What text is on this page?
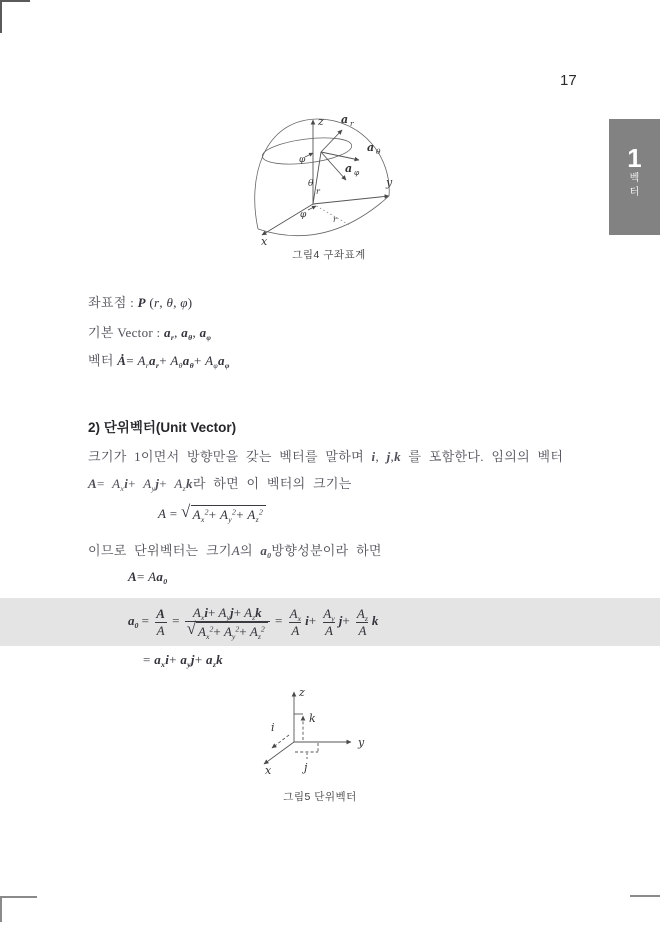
17
1
벡
터
z
y
x
a r
a θ
a φ
θ
r
φ
φ	r
그림4 구좌표계
좌표점 : P (r, θ, φ)
기본 Vector : $a_r$, $a_\theta$, $a_\varphi$
벡터 Ȧ= $A_ra_r+ A_\theta a_\theta+ A_\varphi a_\varphi$
2) 단위벡터(Unit Vector)
크기가 1이면서 방향만을 갖는 벡터를 말하며 i, j,k 를 포함한다. 임의의 벡터
$A= A_xi+ A_yj+ A_zk$라 하면 이 벡터의 크기는
A = √ $A_x^2+ A_y^2+ A_z^2$
이므로 단위벡터는 크기A의 $a_0$방향성분이라 하면
$A= Aa_0$
$a_0 = \frac{A}{A} = \frac{A_xi+ A_yj+ A_zk}{√ A_x^2+ A_y^2+ A_z^2} = \frac{A_x}{A} i+ \frac{A_y}{A} j+ \frac{A_z}{A}$ k
= $a_xi+ a_yj+ a_zk$
z
y
x
k
i
j
그림5 단위벡터
